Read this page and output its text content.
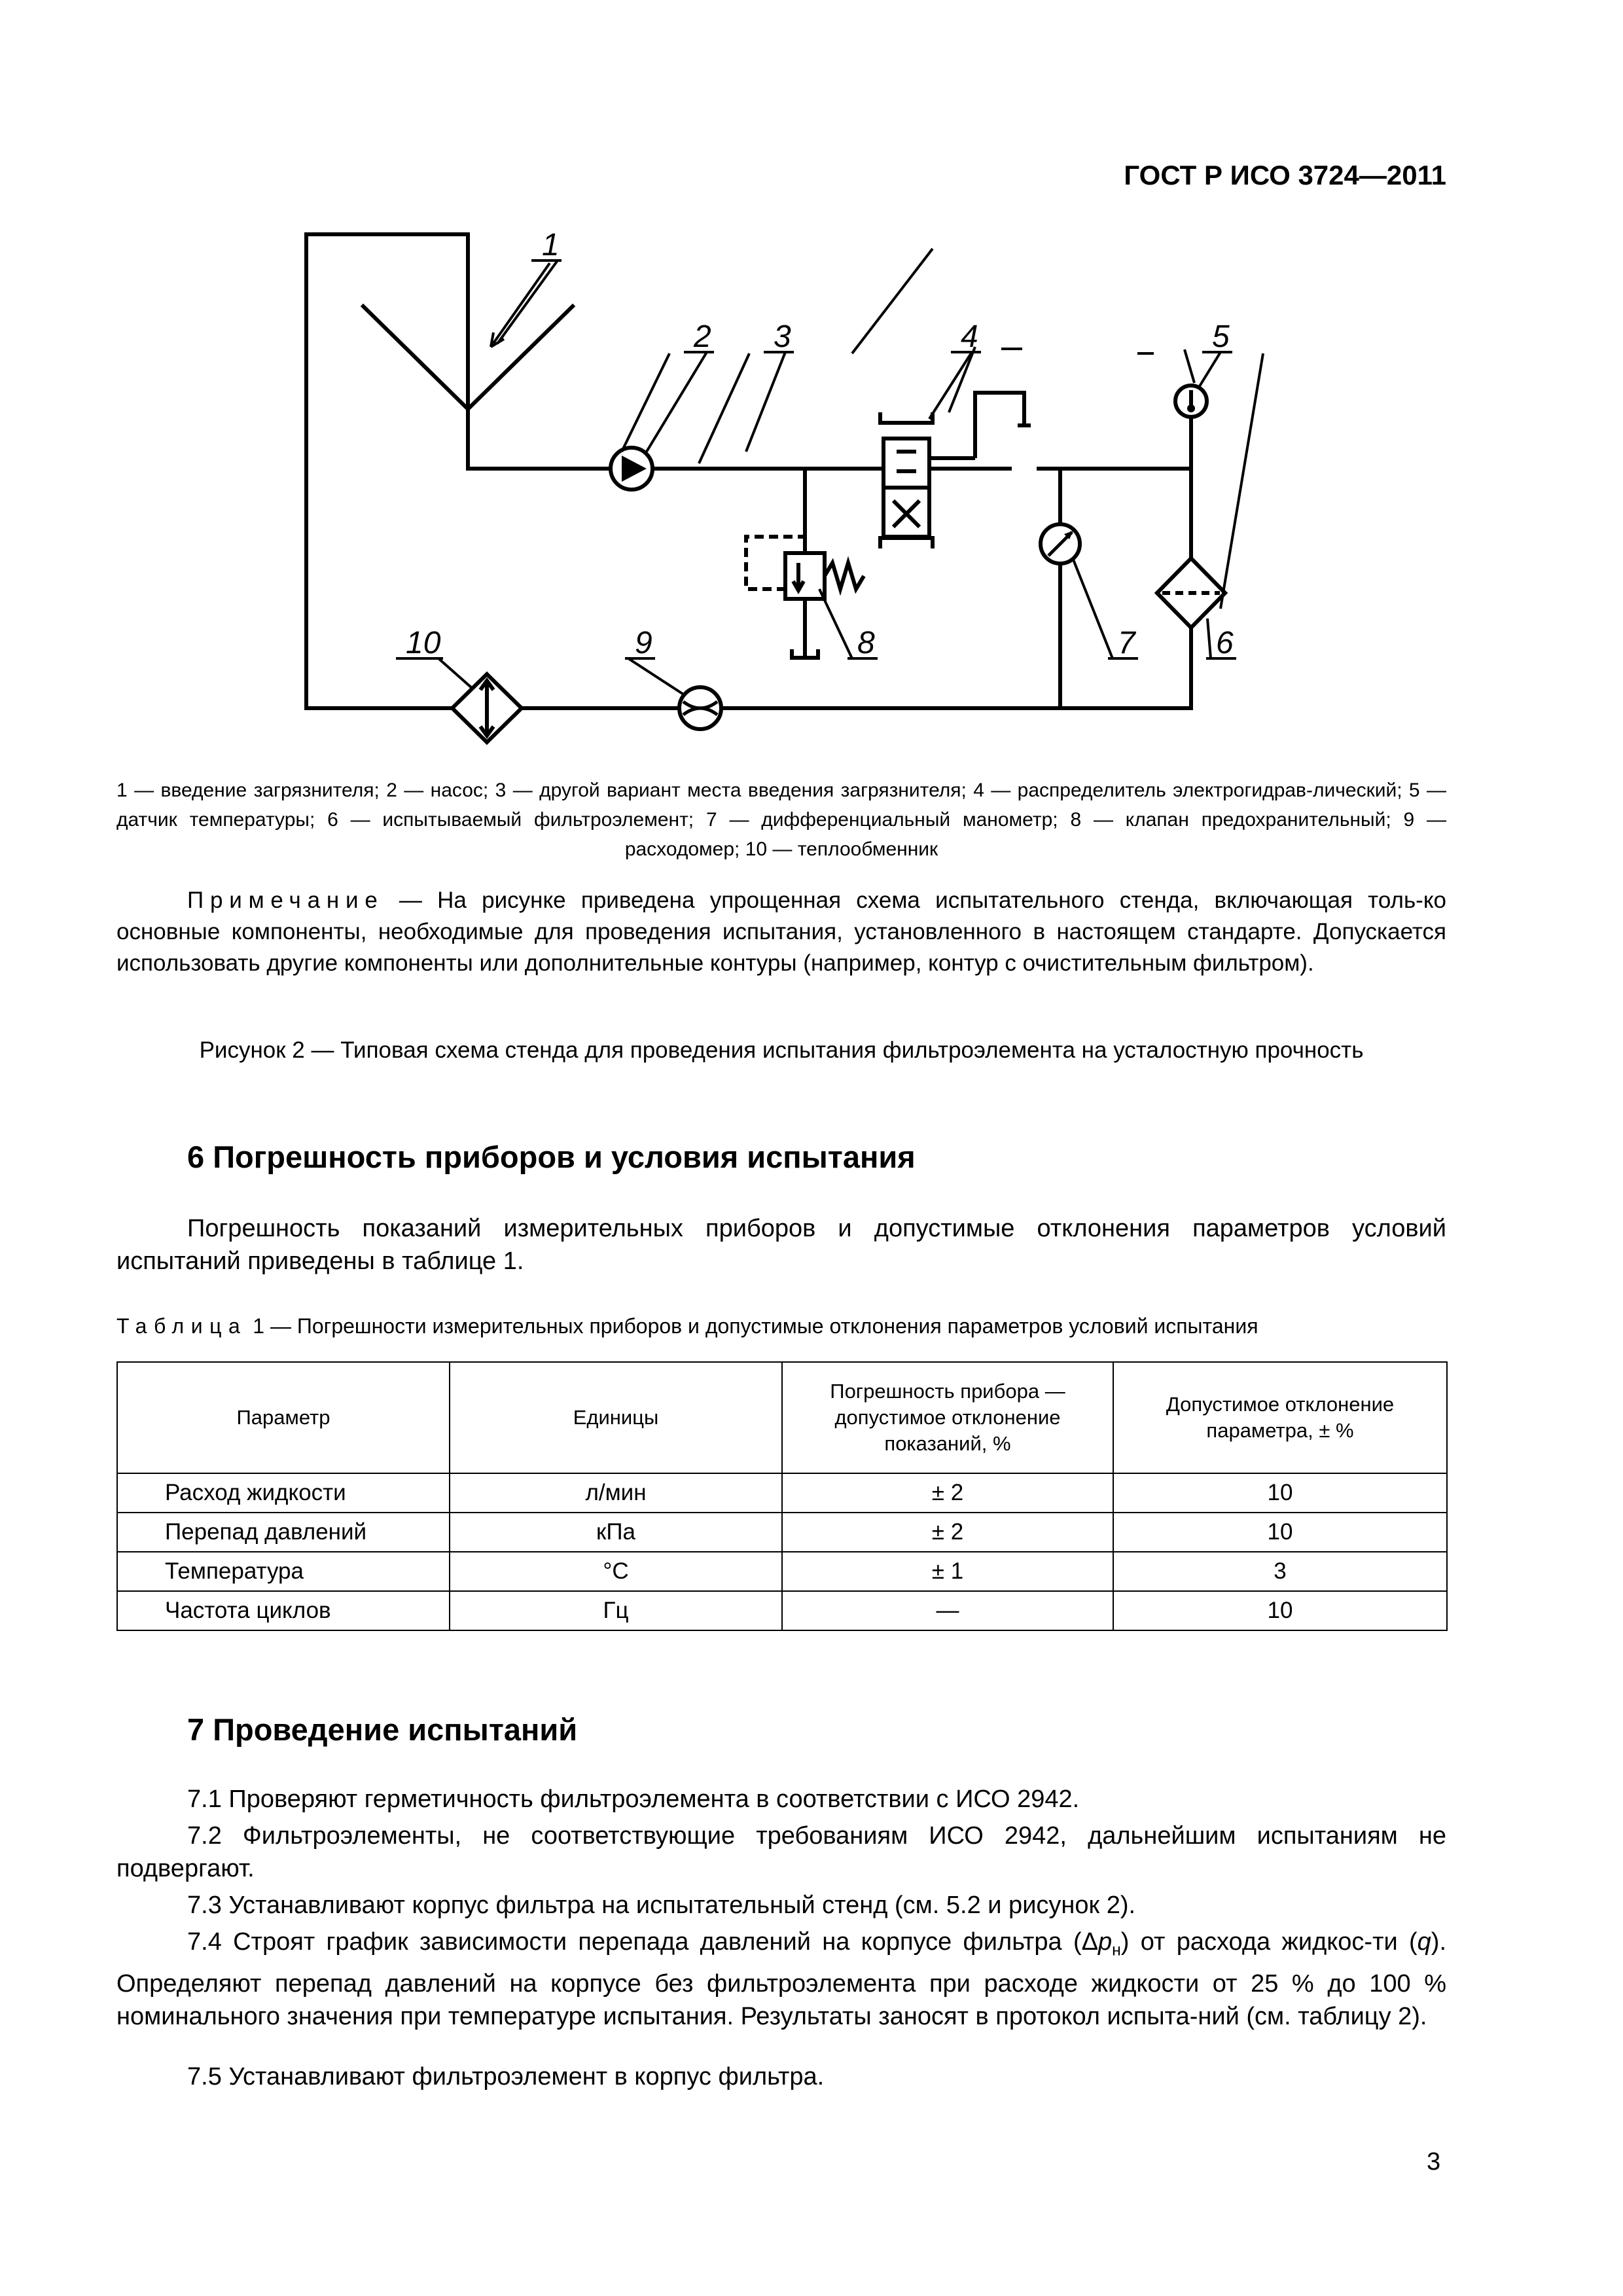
ГОСТ Р ИСО 3724—2011
1
2 3	4	5
6
7
8
9
10
1 — введение загрязнителя; 2 — насос; 3 — другой вариант места введения загрязнителя; 4 — распределитель электрогидрав-лический; 5 — датчик температуры; 6 — испытываемый фильтроэлемент; 7 — дифференциальный манометр; 8 — клапан предохранительный; 9 — расходомер; 10 — теплообменник
Примечание — На рисунке приведена упрощенная схема испытательного стенда, включающая толь-ко основные компоненты, необходимые для проведения испытания, установленного в настоящем стандарте. Допускается использовать другие компоненты или дополнительные контуры (например, контур с очистительным фильтром).
Рисунок 2 — Типовая схема стенда для проведения испытания фильтроэлемента на усталостную прочность
6 Погрешность приборов и условия испытания
Погрешность показаний измерительных приборов и допустимые отклонения параметров условий испытаний приведены в таблице 1.
Таблица 1 — Погрешности измерительных приборов и допустимые отклонения параметров условий испытания
Параметр	Единицы	Погрешность прибора — допустимое отклонение показаний, %	Допустимое отклонение параметра, ± %
Расход жидкости	л/мин	± 2	10
Перепад давлений	кПа	± 2	10
Температура	°С	± 1	3
Частота циклов	Гц	—	10
7 Проведение испытаний
7.1 Проверяют герметичность фильтроэлемента в соответствии с ИСО 2942.
7.2 Фильтроэлементы, не соответствующие требованиям ИСО 2942, дальнейшим испытаниям не подвергают.
7.3 Устанавливают корпус фильтра на испытательный стенд (см. 5.2 и рисунок 2).
7.4 Строят график зависимости перепада давлений на корпусе фильтра $(\Delta p_н)$ от расхода жидкос-ти (q). Определяют перепад давлений на корпусе без фильтроэлемента при расходе жидкости от 25 % до 100 % номинального значения при температуре испытания. Результаты заносят в протокол испыта-ний (см. таблицу 2).
7.5 Устанавливают фильтроэлемент в корпус фильтра.
3
